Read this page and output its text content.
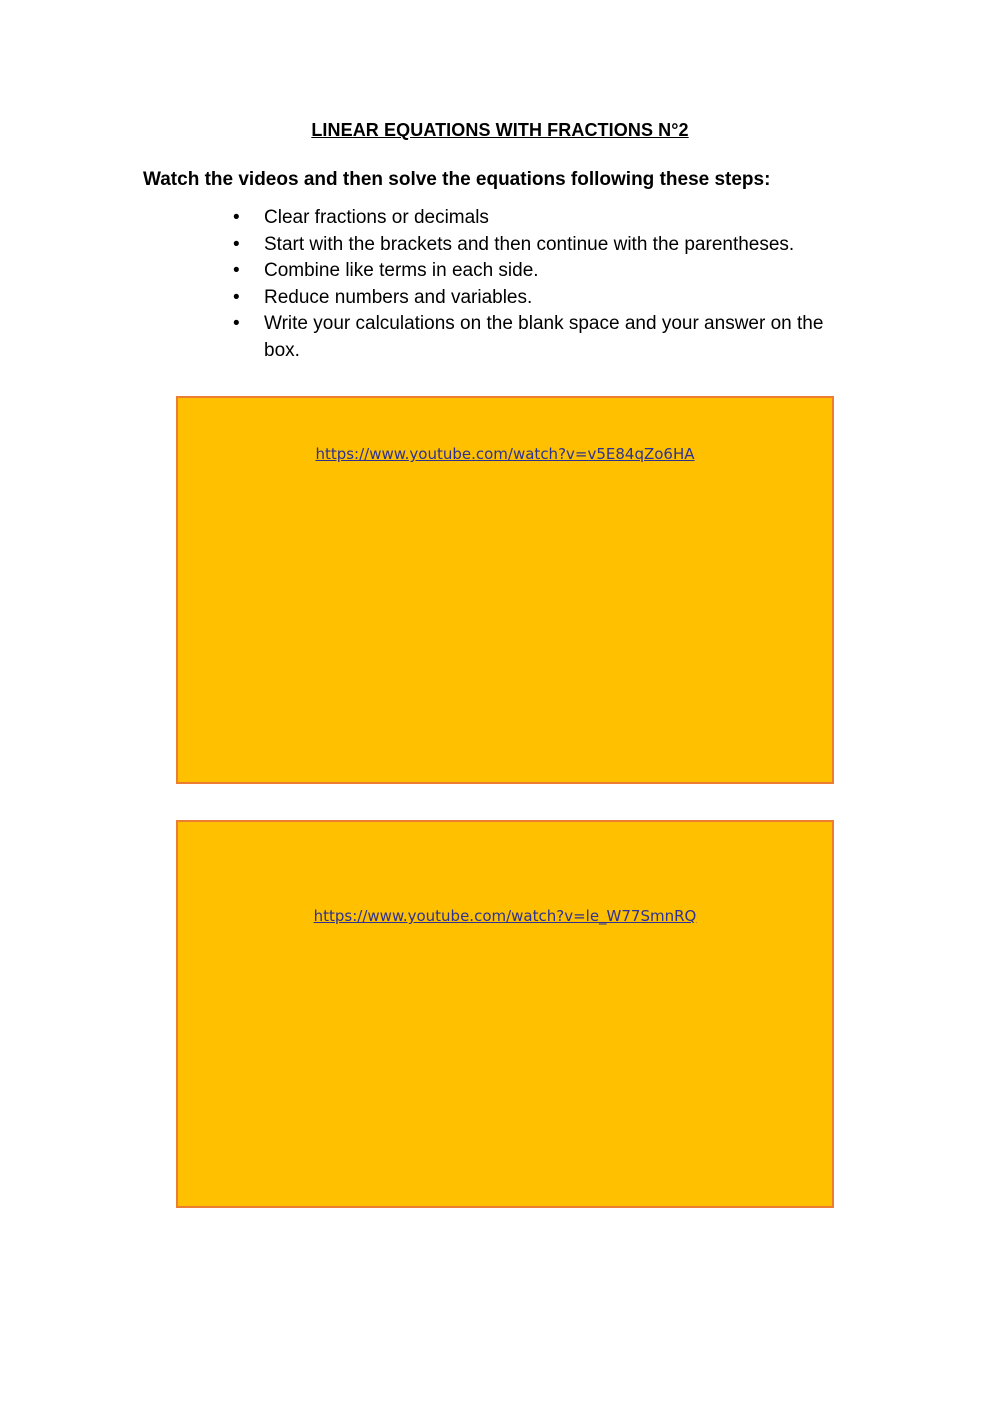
LINEAR EQUATIONS WITH FRACTIONS N°2
Watch the videos and then solve the equations following these steps:
• Clear fractions or decimals
• Start with the brackets and then continue with the parentheses.
• Combine like terms in each side.
• Reduce numbers and variables.
• Write your calculations on the blank space and your answer on the box.
https://www.youtube.com/watch?v=v5E84qZo6HA
https://www.youtube.com/watch?v=le_W77SmnRQ
